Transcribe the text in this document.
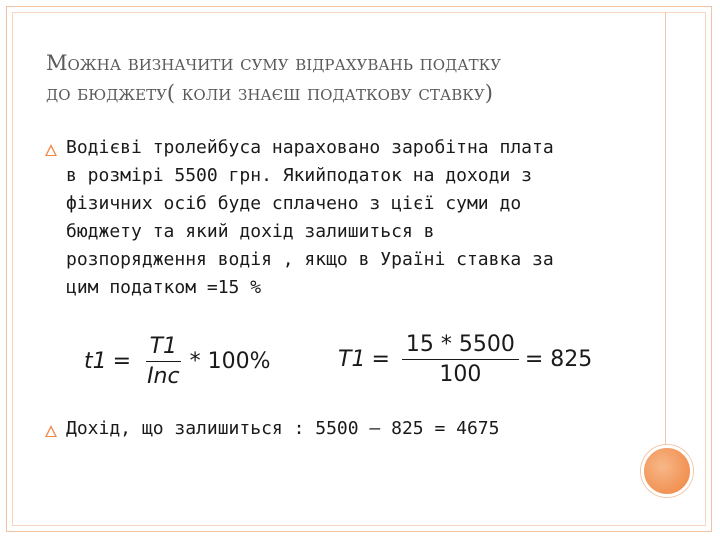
Можна визначити суму відрахувань податку
до бюджету( коли знаєш податкову ставку)
Водієві тролейбуса нараховано заробітна плата
в розмірі 5500 грн. Якийподаток на доходи з
фізичних осіб буде сплачено з цієї суми до
бюджету та який дохід залишиться в
розпорядження водія , якщо в Ураїні ставка за
цим податком =15 %
$t1 = \frac{T1}{\text{Inc}} * 100\%$	$T1 = \frac{15 * 5500}{100} = 825$
Дохід, що залишиться : 5500 – 825 = 4675
